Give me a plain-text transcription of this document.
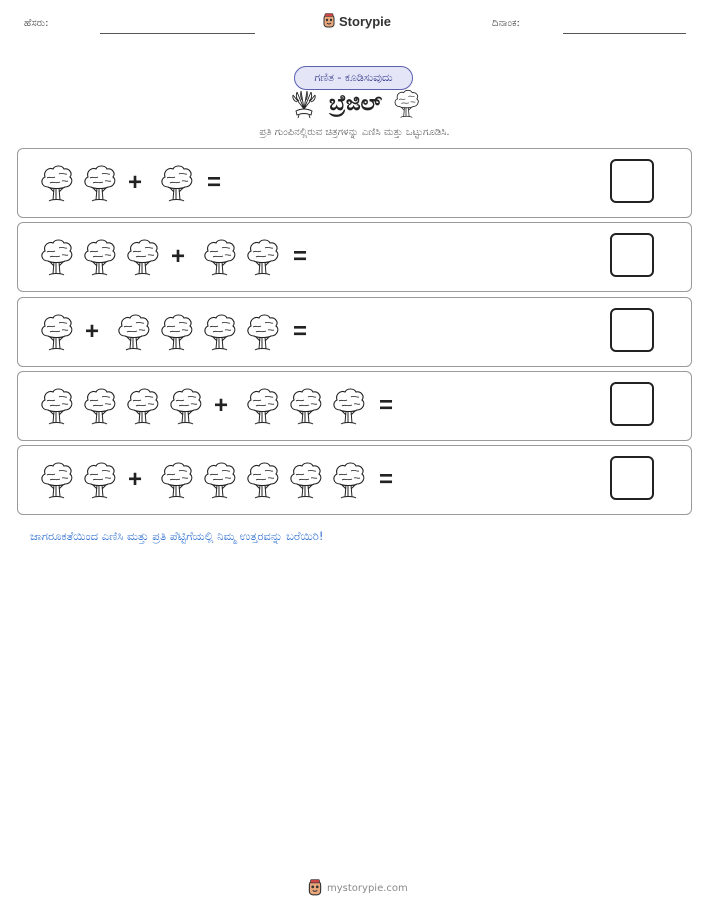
ಹೆಸರು:	Storypie	ದಿನಾಂಕ:
ಗಣಿತ - ಕೂಡಿಸುವುದು
ಬ್ರೆಜಿಲ್
ಪ್ರತಿ ಗುಂಪಿನಲ್ಲಿರುವ ಚಿತ್ರಗಳನ್ನು ಎಣಿಸಿ ಮತ್ತು ಒಟ್ಟುಗೂಡಿಸಿ.
+	=
+	=
+	=
+	=
+	=
ಜಾಗರೂಕತೆಯಿಂದ ಎಣಿಸಿ ಮತ್ತು ಪ್ರತಿ ಪೆಟ್ಟಿಗೆಯಲ್ಲಿ ನಿಮ್ಮ ಉತ್ತರವನ್ನು ಬರೆಯಿರಿ!
mystorypie.com
